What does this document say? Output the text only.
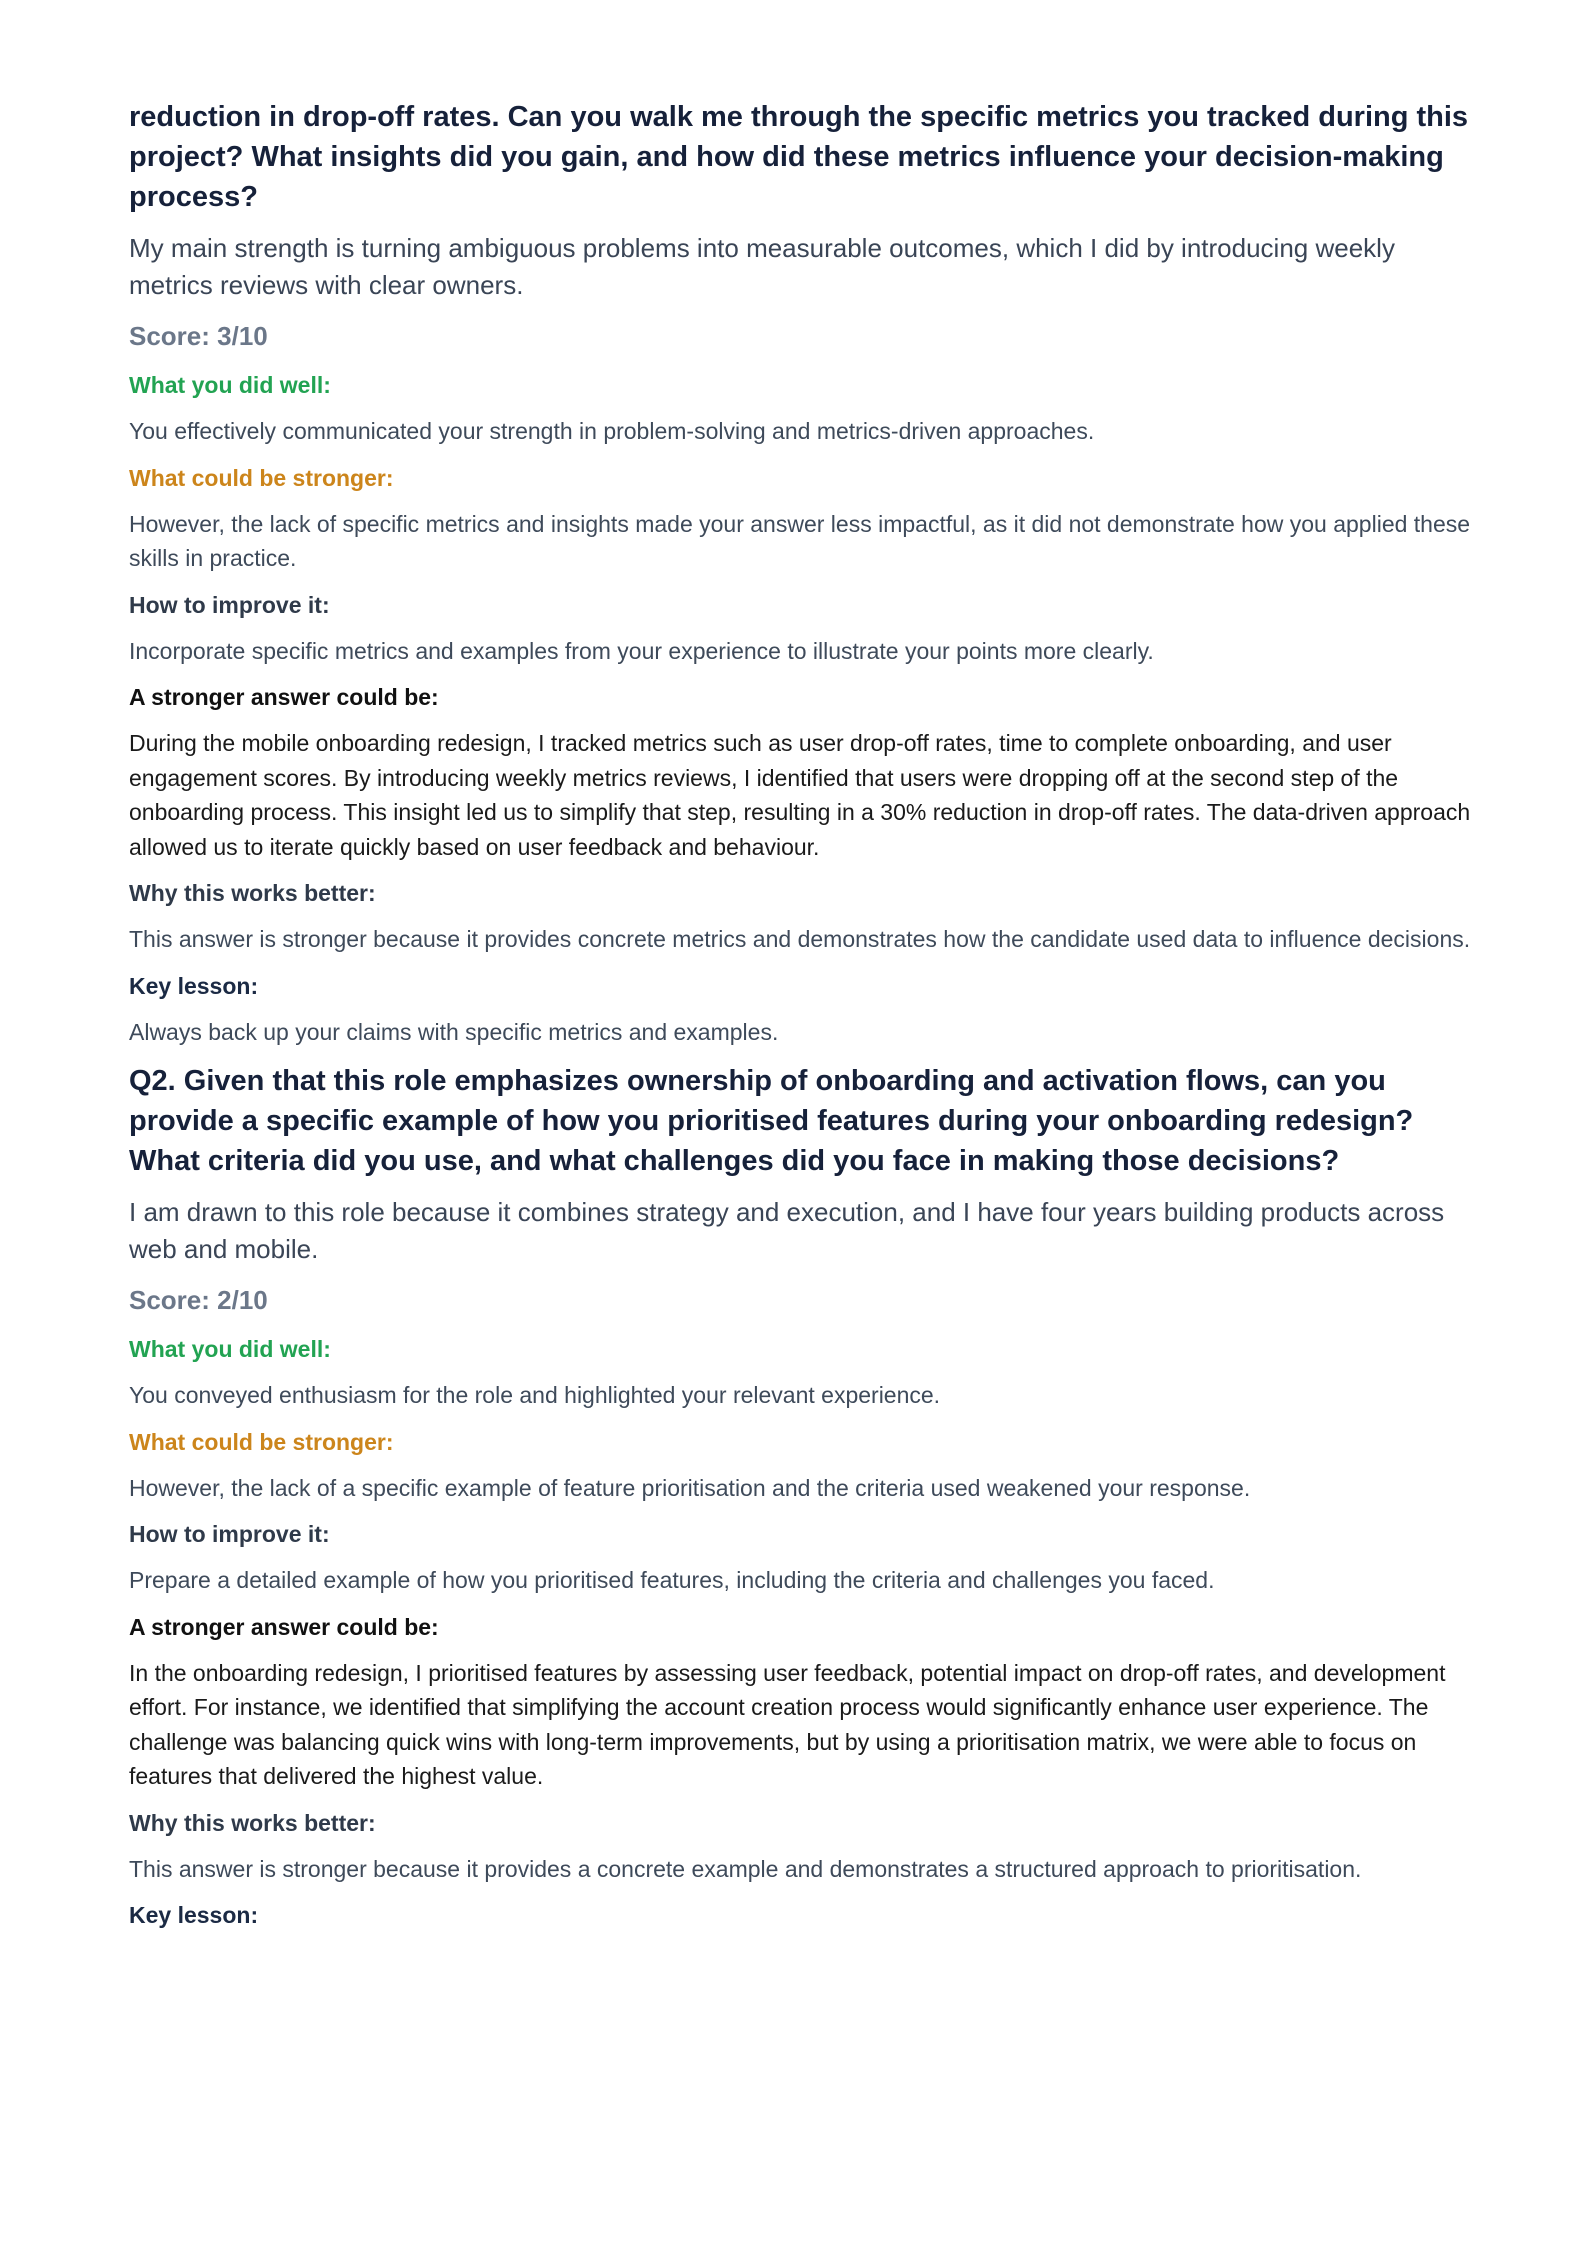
reduction in drop-off rates. Can you walk me through the specific metrics you tracked during this project? What insights did you gain, and how did these metrics influence your decision-making process?
My main strength is turning ambiguous problems into measurable outcomes, which I did by introducing weekly metrics reviews with clear owners.
Score: 3/10
What you did well:
You effectively communicated your strength in problem-solving and metrics-driven approaches.
What could be stronger:
However, the lack of specific metrics and insights made your answer less impactful, as it did not demonstrate how you applied these skills in practice.
How to improve it:
Incorporate specific metrics and examples from your experience to illustrate your points more clearly.
A stronger answer could be:
During the mobile onboarding redesign, I tracked metrics such as user drop-off rates, time to complete onboarding, and user engagement scores. By introducing weekly metrics reviews, I identified that users were dropping off at the second step of the onboarding process. This insight led us to simplify that step, resulting in a 30% reduction in drop-off rates. The data-driven approach allowed us to iterate quickly based on user feedback and behaviour.
Why this works better:
This answer is stronger because it provides concrete metrics and demonstrates how the candidate used data to influence decisions.
Key lesson:
Always back up your claims with specific metrics and examples.
Q2. Given that this role emphasizes ownership of onboarding and activation flows, can you provide a specific example of how you prioritised features during your onboarding redesign? What criteria did you use, and what challenges did you face in making those decisions?
I am drawn to this role because it combines strategy and execution, and I have four years building products across web and mobile.
Score: 2/10
What you did well:
You conveyed enthusiasm for the role and highlighted your relevant experience.
What could be stronger:
However, the lack of a specific example of feature prioritisation and the criteria used weakened your response.
How to improve it:
Prepare a detailed example of how you prioritised features, including the criteria and challenges you faced.
A stronger answer could be:
In the onboarding redesign, I prioritised features by assessing user feedback, potential impact on drop-off rates, and development effort. For instance, we identified that simplifying the account creation process would significantly enhance user experience. The challenge was balancing quick wins with long-term improvements, but by using a prioritisation matrix, we were able to focus on features that delivered the highest value.
Why this works better:
This answer is stronger because it provides a concrete example and demonstrates a structured approach to prioritisation.
Key lesson:
